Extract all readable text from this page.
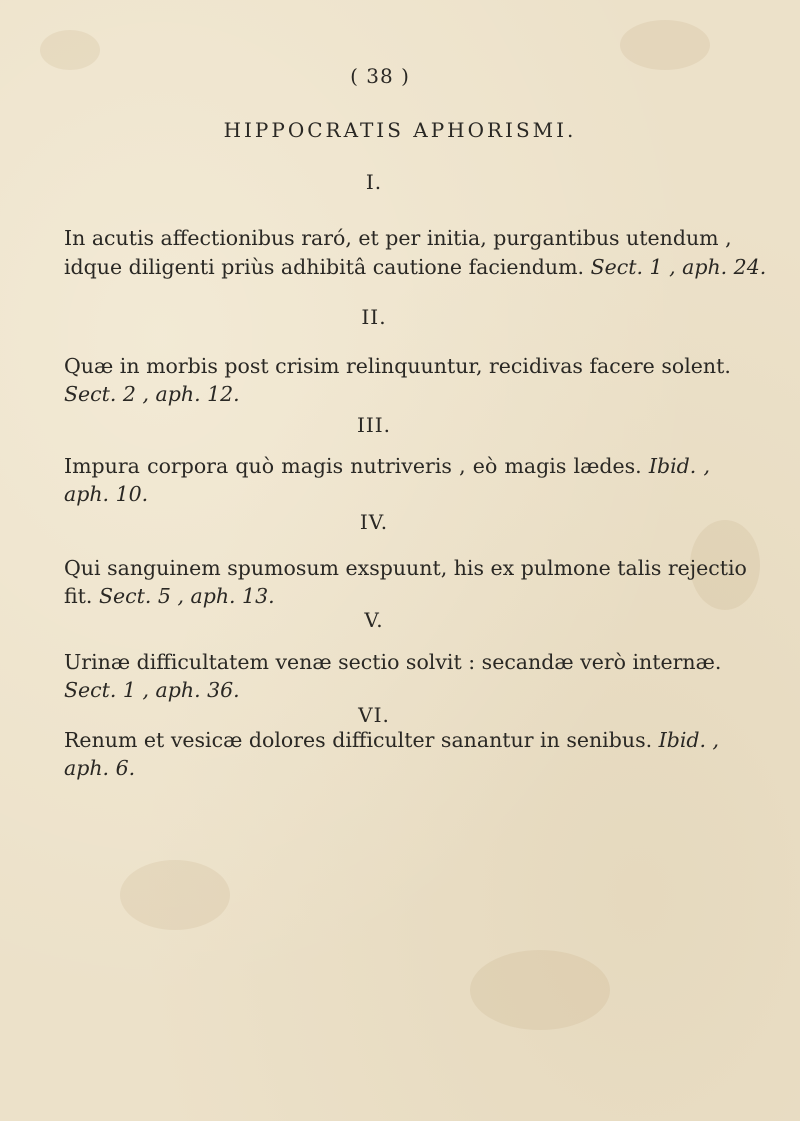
( 38 )
HIPPOCRATIS APHORISMI.
I.
In acutis affectionibus raró, et per initia, purgantibus utendum ,
idque diligenti priùs adhibitâ cautione faciendum. Sect. 1 , aph. 24.
II.
Quæ in morbis post crisim relinquuntur, recidivas facere solent.
Sect. 2 , aph. 12.
III.
Impura corpora quò magis nutriveris , eò magis lædes. Ibid. ,
aph. 10.
IV.
Qui sanguinem spumosum exspuunt, his ex pulmone talis rejectio
fit. Sect. 5 , aph. 13.
V.
Urinæ difficultatem venæ sectio solvit : secandæ verò internæ.
Sect. 1 , aph. 36.
VI.
Renum et vesicæ dolores difficulter sanantur in senibus. Ibid. ,
aph. 6.
